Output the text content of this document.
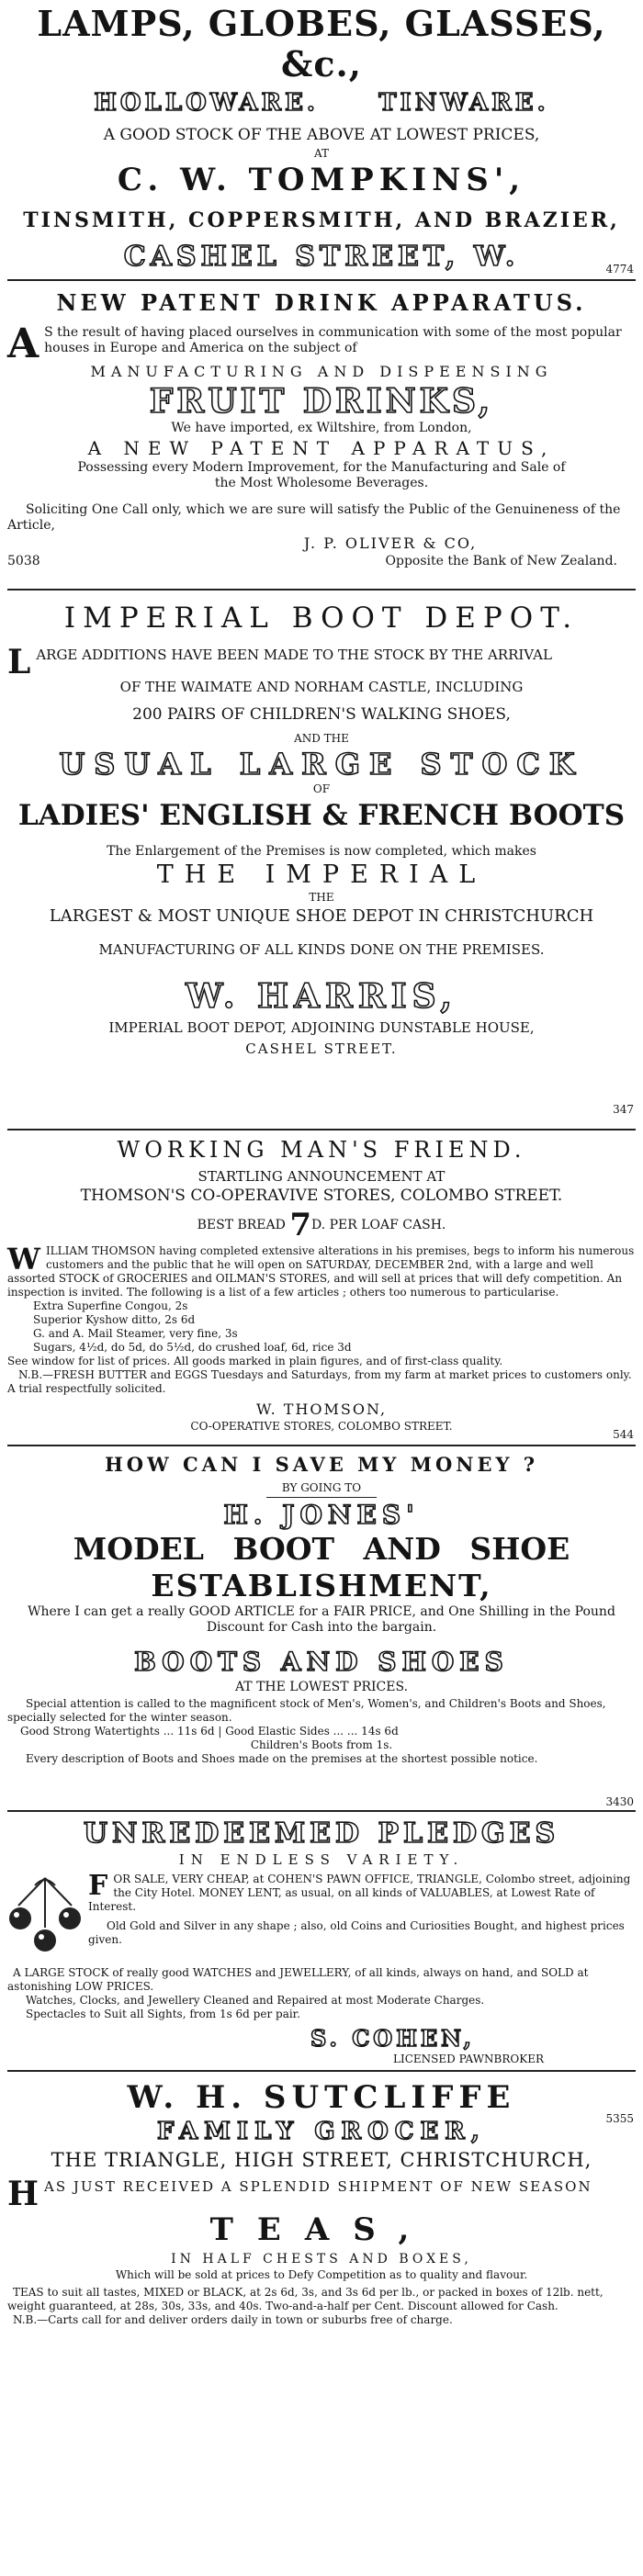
LAMPS, GLOBES, GLASSES, &c.,
HOLLOWARE.     TINWARE.
A GOOD STOCK OF THE ABOVE AT LOWEST PRICES,
AT
C. W. TOMPKINS',
TINSMITH, COPPERSMITH, AND BRAZIER,
CASHEL STREET, W.	4774
NEW PATENT DRINK APPARATUS.
A S the result of having placed ourselves in communication with some of the most popular houses in Europe and America on the subject of
MANUFACTURING AND DISPEENSING
FRUIT DRINKS,
We have imported, ex Wiltshire, from London,
A NEW PATENT APPARATUS,
Possessing every Modern Improvement, for the Manufacturing and Sale of the Most Wholesome Beverages.
Soliciting One Call only, which we are sure will satisfy the Public of the Genuineness of the Article,
J. P. OLIVER & CO,
5038	Opposite the Bank of New Zealand.
IMPERIAL BOOT DEPOT.
L ARGE ADDITIONS HAVE BEEN MADE TO THE STOCK BY THE ARRIVAL
OF THE WAIMATE AND NORHAM CASTLE, INCLUDING
200 PAIRS OF CHILDREN'S WALKING SHOES,
AND THE
USUAL LARGE STOCK
OF
LADIES' ENGLISH & FRENCH BOOTS
The Enlargement of the Premises is now completed, which makes
THE IMPERIAL
THE
LARGEST & MOST UNIQUE SHOE DEPOT IN CHRISTCHURCH
MANUFACTURING OF ALL KINDS DONE ON THE PREMISES.
W. HARRIS,
IMPERIAL BOOT DEPOT, ADJOINING DUNSTABLE HOUSE,
CASHEL STREET.
347
WORKING MAN'S FRIEND.
STARTLING ANNOUNCEMENT AT
THOMSON'S CO-OPERAVIVE STORES, COLOMBO STREET.
BEST BREAD 7D. PER LOAF CASH.
W ILLIAM THOMSON having completed extensive alterations in his premises, begs to inform his numerous customers and the public that he will open on SATURDAY, DECEMBER 2nd, with a large and well assorted STOCK of GROCERIES and OILMAN'S STORES, and will sell at prices that will defy competition. An inspection is invited. The following is a list of a few articles ; others too numerous to particularise.
Extra Superfine Congou, 2s
Superior Kyshow ditto, 2s 6d
G. and A. Mail Steamer, very fine, 3s
Sugars, 4½d, do 5d, do 5½d, do crushed loaf, 6d, rice 3d
See window for list of prices. All goods marked in plain figures, and of first-class quality.
N.B.—FRESH BUTTER and EGGS Tuesdays and Saturdays, from my farm at market prices to customers only. A trial respectfully solicited.
W. THOMSON,
CO-OPERATIVE STORES, COLOMBO STREET.
544
HOW CAN I SAVE MY MONEY ?
BY GOING TO
H. JONES'
MODEL BOOT AND SHOE
ESTABLISHMENT,
Where I can get a really GOOD ARTICLE for a FAIR PRICE, and One Shilling in the Pound Discount for Cash into the bargain.
BOOTS AND SHOES
AT THE LOWEST PRICES.
Special attention is called to the magnificent stock of Men's, Women's, and Children's Boots and Shoes, specially selected for the winter season.
Good Strong Watertights ... 11s 6d | Good Elastic Sides ... ... 14s 6d
Children's Boots from 1s.
Every description of Boots and Shoes made on the premises at the shortest possible notice.
3430
UNREDEEMED PLEDGES
IN ENDLESS VARIETY.
F OR SALE, VERY CHEAP, at COHEN'S PAWN OFFICE, TRIANGLE, Colombo street, adjoining the City Hotel. MONEY LENT, as usual, on all kinds of VALUABLES, at Lowest Rate of Interest.
Old Gold and Silver in any shape ; also, old Coins and Curiosities Bought, and highest prices given.
A LARGE STOCK of really good WATCHES and JEWELLERY, of all kinds, always on hand, and SOLD at astonishing LOW PRICES.
Watches, Clocks, and Jewellery Cleaned and Repaired at most Moderate Charges.
Spectacles to Suit all Sights, from 1s 6d per pair.
S. COHEN,
LICENSED PAWNBROKER
W. H. SUTCLIFFE
5355
FAMILY GROCER,
THE TRIANGLE, HIGH STREET, CHRISTCHURCH,
H AS JUST RECEIVED A SPLENDID SHIPMENT OF NEW SEASON
TEAS,
IN HALF CHESTS AND BOXES,
Which will be sold at prices to Defy Competition as to quality and flavour.
TEAS to suit all tastes, MIXED or BLACK, at 2s 6d, 3s, and 3s 6d per lb., or packed in boxes of 12lb. nett, weight guaranteed, at 28s, 30s, 33s, and 40s. Two-and-a-half per Cent. Discount allowed for Cash.
N.B.—Carts call for and deliver orders daily in town or suburbs free of charge.
